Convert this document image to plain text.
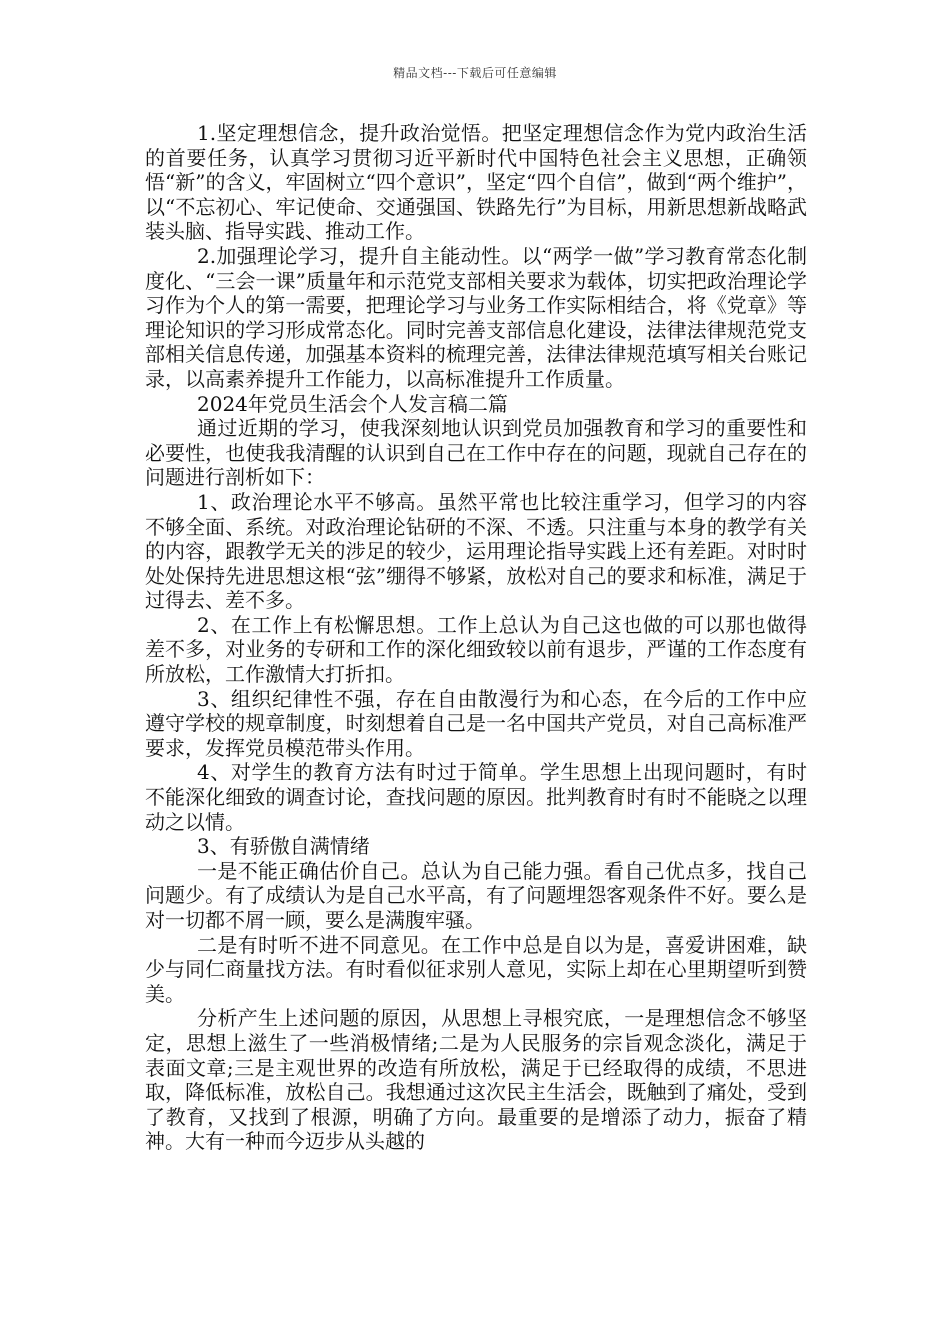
精品文档---下载后可任意编辑

1.坚定理想信念，提升政治觉悟。把坚定理想信念作为党内政治生活的首要任务，认真学习贯彻习近平新时代中国特色社会主义思想，正确领悟“新”的含义，牢固树立“四个意识”，坚定“四个自信”，做到“两个维护”，以“不忘初心、牢记使命、交通强国、铁路先行”为目标，用新思想新战略武装头脑、指导实践、推动工作。

2.加强理论学习，提升自主能动性。以“两学一做”学习教育常态化制度化、“三会一课”质量年和示范党支部相关要求为载体，切实把政治理论学习作为个人的第一需要，把理论学习与业务工作实际相结合，将《党章》等理论知识的学习形成常态化。同时完善支部信息化建设，法律法律规范党支部相关信息传递，加强基本资料的梳理完善，法律法律规范填写相关台账记录，以高素养提升工作能力，以高标准提升工作质量。

2024年党员生活会个人发言稿二篇

通过近期的学习，使我深刻地认识到党员加强教育和学习的重要性和必要性，也使我我清醒的认识到自己在工作中存在的问题，现就自己存在的问题进行剖析如下：

1、政治理论水平不够高。虽然平常也比较注重学习，但学习的内容不够全面、系统。对政治理论钻研的不深、不透。只注重与本身的教学有关的内容，跟教学无关的涉足的较少，运用理论指导实践上还有差距。对时时处处保持先进思想这根“弦”绷得不够紧，放松对自己的要求和标准，满足于过得去、差不多。

2、在工作上有松懈思想。工作上总认为自己这也做的可以那也做得差不多，对业务的专研和工作的深化细致较以前有退步，严谨的工作态度有所放松，工作激情大打折扣。

3、组织纪律性不强，存在自由散漫行为和心态，在今后的工作中应遵守学校的规章制度，时刻想着自己是一名中国共产党员，对自己高标准严要求，发挥党员模范带头作用。

4、对学生的教育方法有时过于简单。学生思想上出现问题时，有时不能深化细致的调查讨论，查找问题的原因。批判教育时有时不能晓之以理动之以情。

3、有骄傲自满情绪

一是不能正确估价自己。总认为自己能力强。看自己优点多，找自己问题少。有了成绩认为是自己水平高，有了问题埋怨客观条件不好。要么是对一切都不屑一顾，要么是满腹牢骚。

二是有时听不进不同意见。在工作中总是自以为是，喜爱讲困难，缺少与同仁商量找方法。有时看似征求别人意见，实际上却在心里期望听到赞美。

分析产生上述问题的原因，从思想上寻根究底，一是理想信念不够坚定，思想上滋生了一些消极情绪;二是为人民服务的宗旨观念淡化，满足于表面文章;三是主观世界的改造有所放松，满足于已经取得的成绩，不思进取，降低标准，放松自己。我想通过这次民主生活会，既触到了痛处，受到了教育，又找到了根源，明确了方向。最重要的是增添了动力，振奋了精神。大有一种而今迈步从头越的
